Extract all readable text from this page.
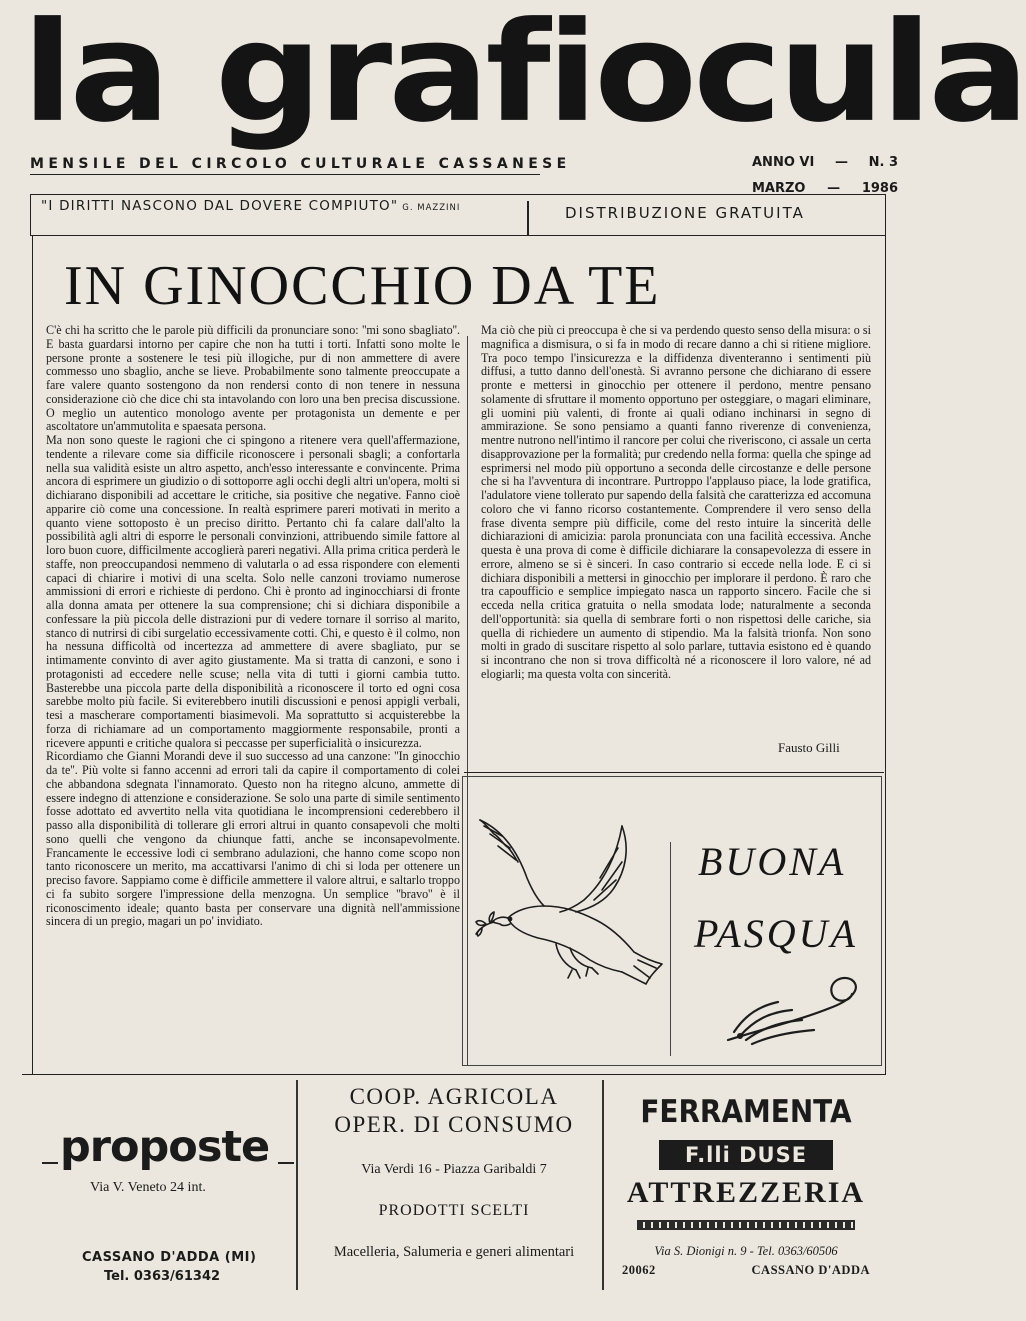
la grafiocula
MENSILE DEL CIRCOLO CULTURALE CASSANESE	ANNO VI — N. 3
MARZO — 1986
"I DIRITTI NASCONO DAL DOVERE COMPIUTO" G. MAZZINI	DISTRIBUZIONE GRATUITA
IN GINOCCHIO DA TE

C'è chi ha scritto che le parole più difficili da pronunciare sono: ''mi sono sbagliato''. E basta guardarsi intorno per capire che non ha tutti i torti. Infatti sono molte le persone pronte a sostenere le tesi più illogiche, pur di non ammettere di avere commesso uno sbaglio, anche se lieve. Probabilmente sono talmente preoccupate a fare valere quanto sostengono da non rendersi conto di non tenere in nessuna considerazione ciò che dice chi sta intavolando con loro una ben precisa discussione. O meglio un autentico monologo avente per protagonista un demente e per ascoltatore un'ammutolita e spaesata persona.

Ma non sono queste le ragioni che ci spingono a ritenere vera quell'affermazione, tendente a rilevare come sia difficile riconoscere i personali sbagli; a confortarla nella sua validità esiste un altro aspetto, anch'esso interessante e convincente. Prima ancora di esprimere un giudizio o di sottoporre agli occhi degli altri un'opera, molti si dichiarano disponibili ad accettare le critiche, sia positive che negative. Fanno cioè apparire ciò come una concessione. In realtà esprimere pareri motivati in merito a quanto viene sottoposto è un preciso diritto. Pertanto chi fa calare dall'alto la possibilità agli altri di esporre le personali convinzioni, attribuendo simile fattore al loro buon cuore, difficilmente accoglierà pareri negativi. Alla prima critica perderà le staffe, non preoccupandosi nemmeno di valutarla o ad essa rispondere con elementi capaci di chiarire i motivi di una scelta. Solo nelle canzoni troviamo numerose ammissioni di errori e richieste di perdono. Chi è pronto ad inginocchiarsi di fronte alla donna amata per ottenere la sua comprensione; chi si dichiara disponibile a confessare la più piccola delle distrazioni pur di vedere tornare il sorriso al marito, stanco di nutrirsi di cibi surgelatio eccessivamente cotti. Chi, e questo è il colmo, non ha nessuna difficoltà od incertezza ad ammettere di avere sbagliato, pur se intimamente convinto di aver agito giustamente. Ma si tratta di canzoni, e sono i protagonisti ad eccedere nelle scuse; nella vita di tutti i giorni cambia tutto. Basterebbe una piccola parte della disponibilità a riconoscere il torto ed ogni cosa sarebbe molto più facile. Si eviterebbero inutili discussioni e penosi appigli verbali, tesi a mascherare comportamenti biasimevoli. Ma soprattutto si acquisterebbe la forza di richiamare ad un comportamento maggiormente responsabile, pronti a ricevere appunti e critiche qualora si peccasse per superficialità o insicurezza.

Ricordiamo che Gianni Morandi deve il suo successo ad una canzone: ''In ginocchio da te''. Più volte si fanno accenni ad errori tali da capire il comportamento di colei che abbandona sdegnata l'innamorato. Questo non ha ritegno alcuno, ammette di essere indegno di attenzione e considerazione. Se solo una parte di simile sentimento fosse adottato ed avvertito nella vita quotidiana le incomprensioni cederebbero il passo alla disponibilità di tollerare gli errori altrui in quanto consapevoli che molti sono quelli che vengono da chiunque fatti, anche se inconsapevolmente. Francamente le eccessive lodi ci sembrano adulazioni, che hanno come scopo non tanto riconoscere un merito, ma accattivarsi l'animo di chi si loda per ottenere un preciso favore. Sappiamo come è difficile ammettere il valore altrui, e saltarlo troppo ci fa subito sorgere l'impressione della menzogna. Un semplice ''bravo'' è il riconoscimento ideale; quanto basta per conservare una dignità nell'ammissione sincera di un pregio, magari un po' invidiato.

Ma ciò che più ci preoccupa è che si va perdendo questo senso della misura: o si magnifica a dismisura, o si fa in modo di recare danno a chi si ritiene migliore. Tra poco tempo l'insicurezza e la diffidenza diventeranno i sentimenti più diffusi, a tutto danno dell'onestà. Si avranno persone che dichiarano di essere pronte e mettersi in ginocchio per ottenere il perdono, mentre pensano solamente di sfruttare il momento opportuno per osteggiare, o magari eliminare, gli uomini più valenti, di fronte ai quali odiano inchinarsi in segno di ammirazione. Se sono pensiamo a quanti fanno riverenze di convenienza, mentre nutrono nell'intimo il rancore per colui che riveriscono, ci assale un certa disapprovazione per la formalità; pur credendo nella forma: quella che spinge ad esprimersi nel modo più opportuno a seconda delle circostanze e delle persone che si ha l'avventura di incontrare. Purtroppo l'applauso piace, la lode gratifica, l'adulatore viene tollerato pur sapendo della falsità che caratterizza ed accomuna coloro che vi fanno ricorso costantemente. Comprendere il vero senso della frase diventa sempre più difficile, come del resto intuire la sincerità delle dichiarazioni di amicizia: parola pronunciata con una facilità eccessiva. Anche questa è una prova di come è difficile dichiarare la consapevolezza di essere in errore, almeno se si è sinceri. In caso contrario si eccede nella lode. E ci si dichiara disponibili a mettersi in ginocchio per implorare il perdono. È raro che tra capoufficio e semplice impiegato nasca un rapporto sincero. Facile che si ecceda nella critica gratuita o nella smodata lode; naturalmente a seconda dell'opportunità: sia quella di sembrare forti o non rispettosi delle cariche, sia quella di richiedere un aumento di stipendio. Ma la falsità trionfa. Non sono molti in grado di suscitare rispetto al solo parlare, tuttavia esistono ed è quando si incontrano che non si trova difficoltà né a riconoscere il loro valore, né ad elogiarli; ma questa volta con sincerità.

Fausto Gilli
BUONA
PASQUA
proposte
Via V. Veneto 24 int.
CASSANO D'ADDA (MI)
Tel. 0363/61342
COOP. AGRICOLA
OPER. DI CONSUMO
Via Verdi 16 - Piazza Garibaldi 7
PRODOTTI SCELTI
Macelleria, Salumeria e generi alimentari
FERRAMENTA
F.lli DUSE
ATTREZZERIA
Via S. Dionigi n. 9 - Tel. 0363/60506
20062	CASSANO D'ADDA
